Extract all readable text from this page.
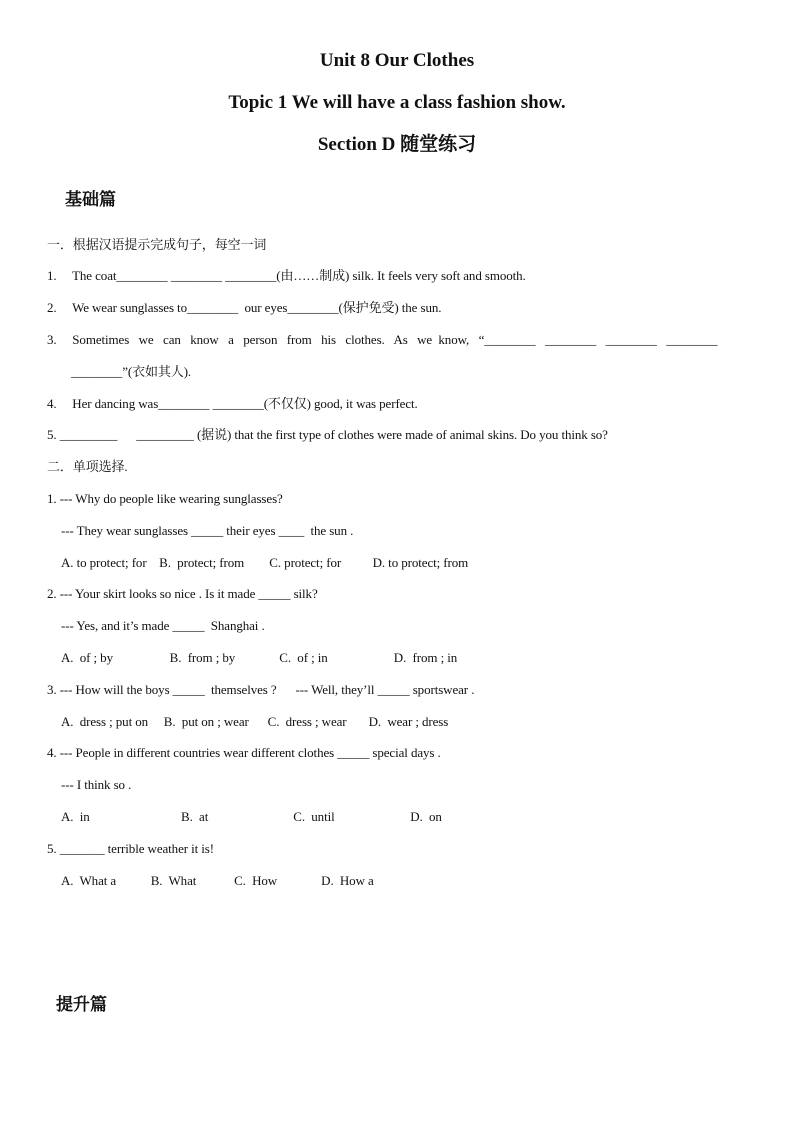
Unit 8 Our Clothes
Topic 1 We will have a class fashion show.
Section D 随堂练习
基础篇
一．根据汉语提示完成句子，每空一词
1.     The coat________ ________ ________(由……制成) silk. It feels very soft and smooth.
2.     We wear sunglasses to________  our eyes________(保护免受) the sun.
3.     Sometimes   we   can   know   a   person   from   his   clothes.   As   we  know,   “________   ________   ________   ________
________”(衣如其人).
4.     Her dancing was________ ________(不仅仅) good, it was perfect.
5. _________      _________ (据说) that the first type of clothes were made of animal skins. Do you think so?
二．单项选择.
1. --- Why do people like wearing sunglasses?
--- They wear sunglasses _____ their eyes ____  the sun .
A. to protect; for    B.  protect; from        C. protect; for          D. to protect; from
2. --- Your skirt looks so nice . Is it made _____ silk?
--- Yes, and it’s made _____  Shanghai .
A.  of ; by                  B.  from ; by              C.  of ; in                     D.  from ; in
3. --- How will the boys _____  themselves ?      --- Well, they’ll _____ sportswear .
A.  dress ; put on     B.  put on ; wear      C.  dress ; wear       D.  wear ; dress
4. --- People in different countries wear different clothes _____ special days .
--- I think so .
A.  in                             B.  at                           C.  until                        D.  on
5. _______ terrible weather it is!
A.  What a           B.  What            C.  How              D.  How a
提升篇
